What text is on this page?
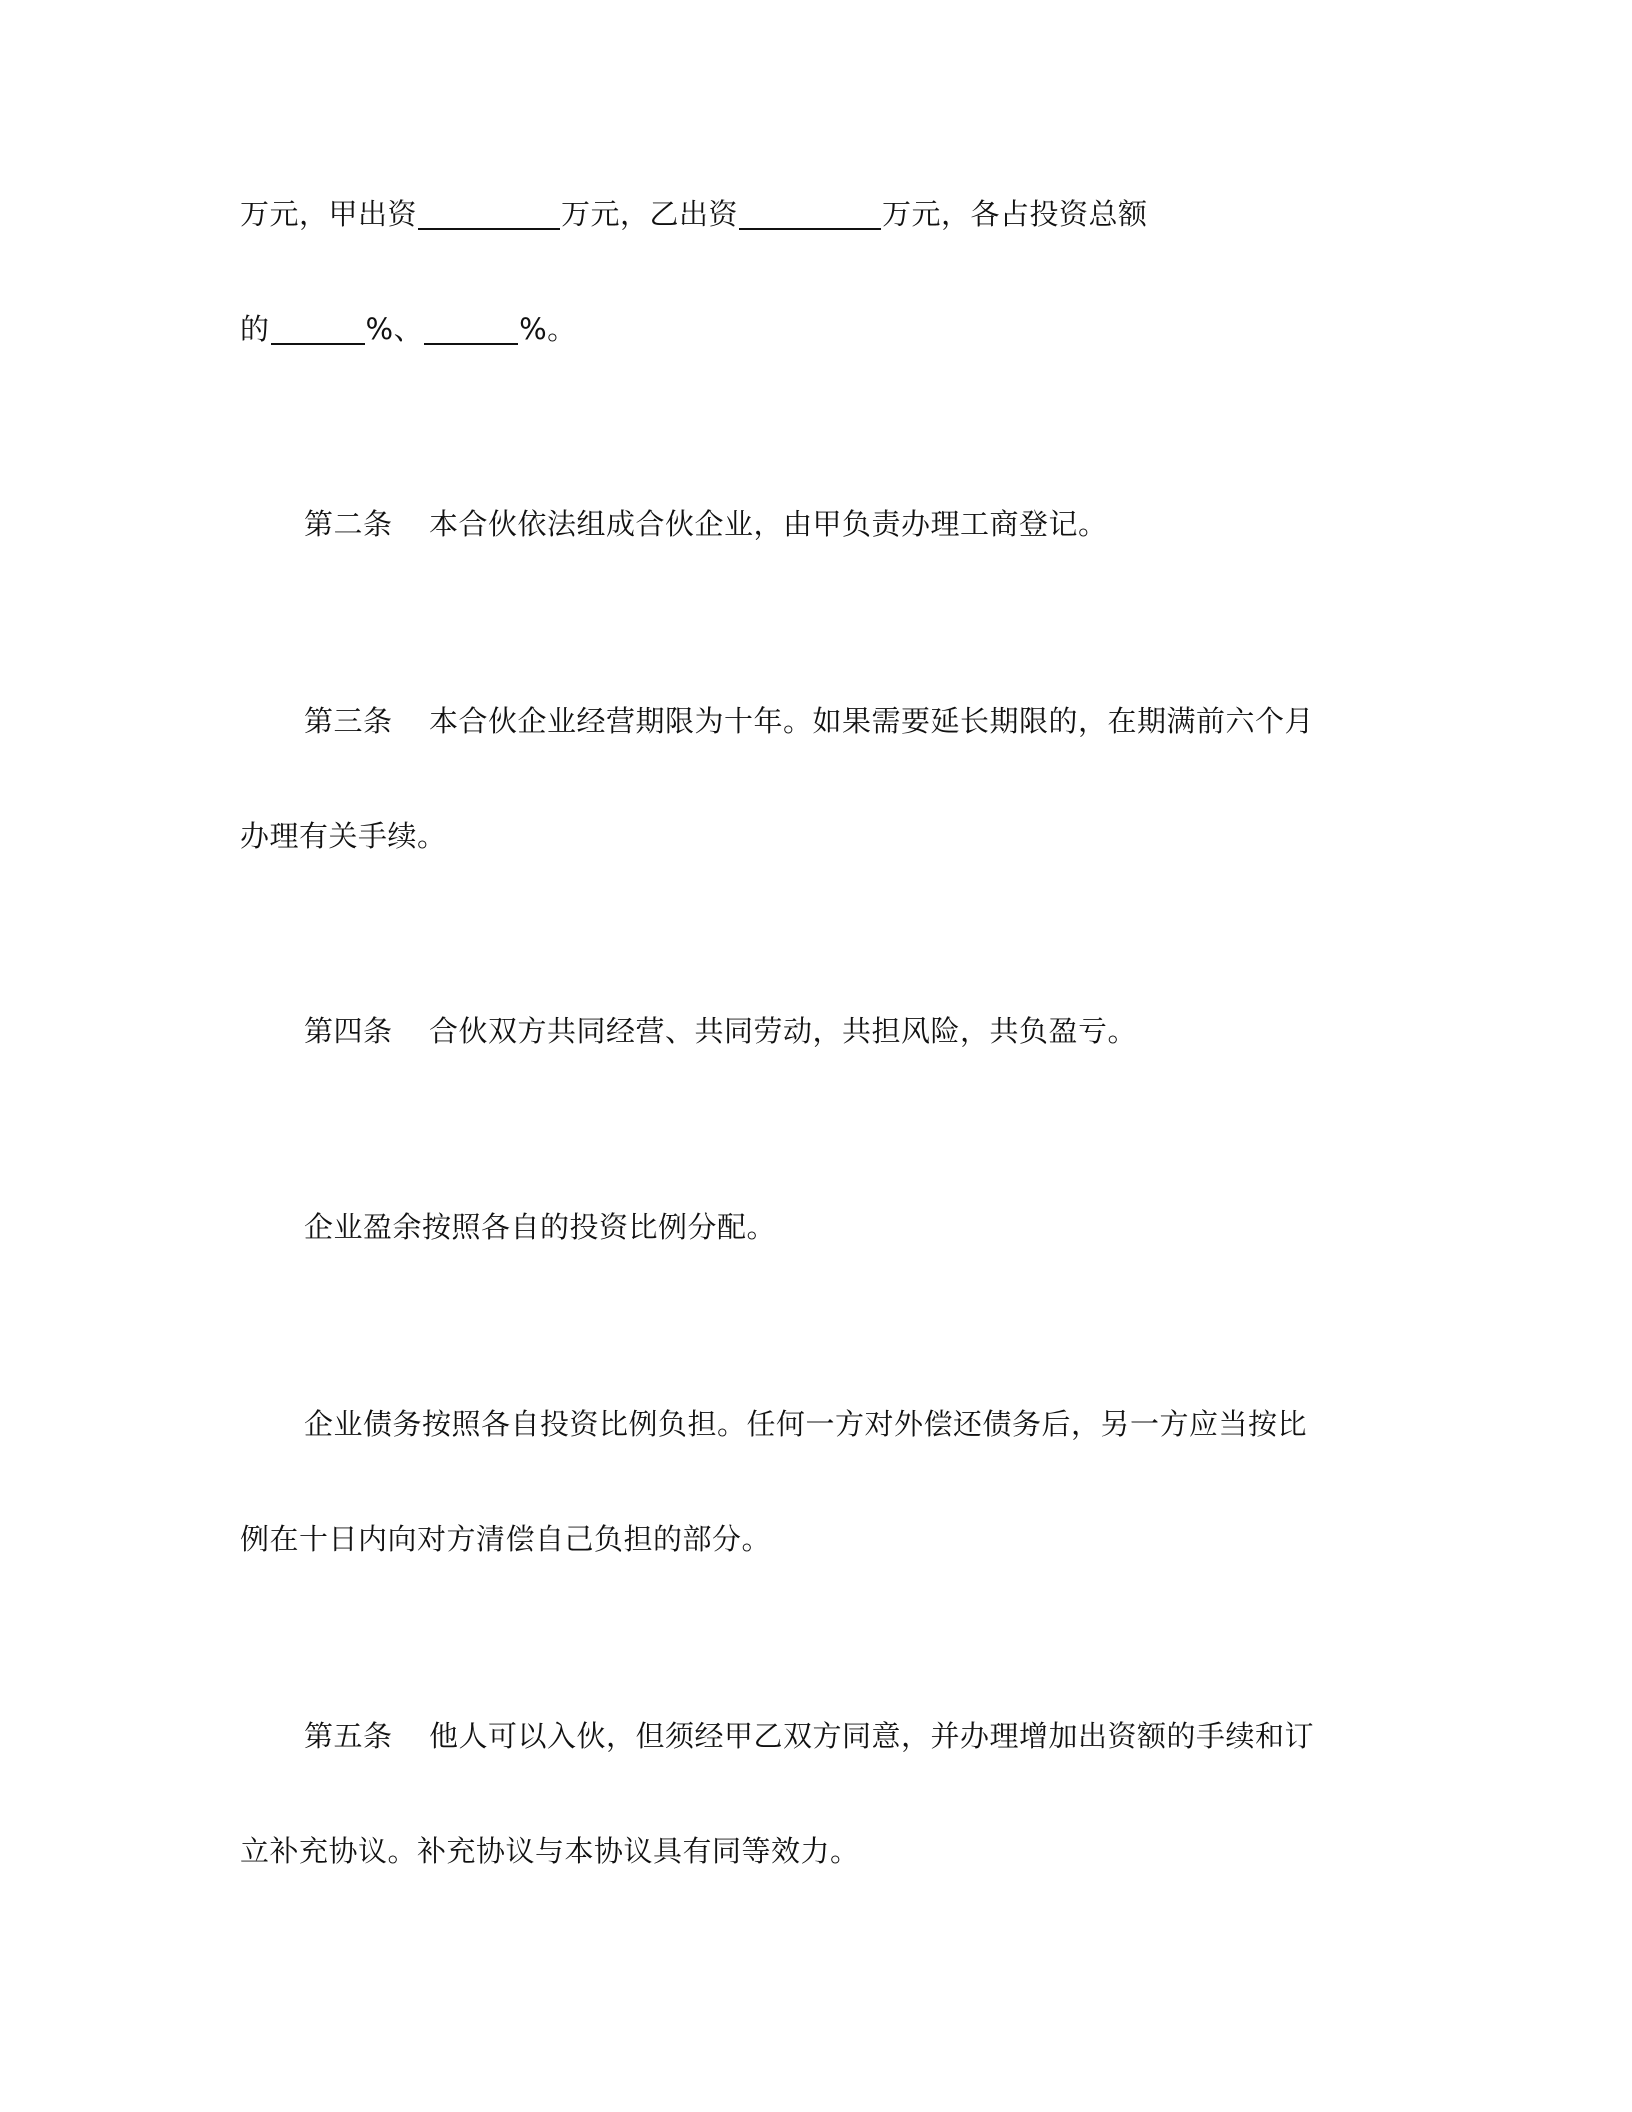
万元，甲出资	万元，乙出资	万元，各占投资总额
的	%、	%。
第二条 本合伙依法组成合伙企业，由甲负责办理工商登记。
第三条 本合伙企业经营期限为十年。如果需要延长期限的，在期满前六个月
办理有关手续。
第四条 合伙双方共同经营、共同劳动，共担风险，共负盈亏。
企业盈余按照各自的投资比例分配。
企业债务按照各自投资比例负担。任何一方对外偿还债务后，另一方应当按比
例在十日内向对方清偿自己负担的部分。
第五条 他人可以入伙，但须经甲乙双方同意，并办理增加出资额的手续和订
立补充协议。补充协议与本协议具有同等效力。
